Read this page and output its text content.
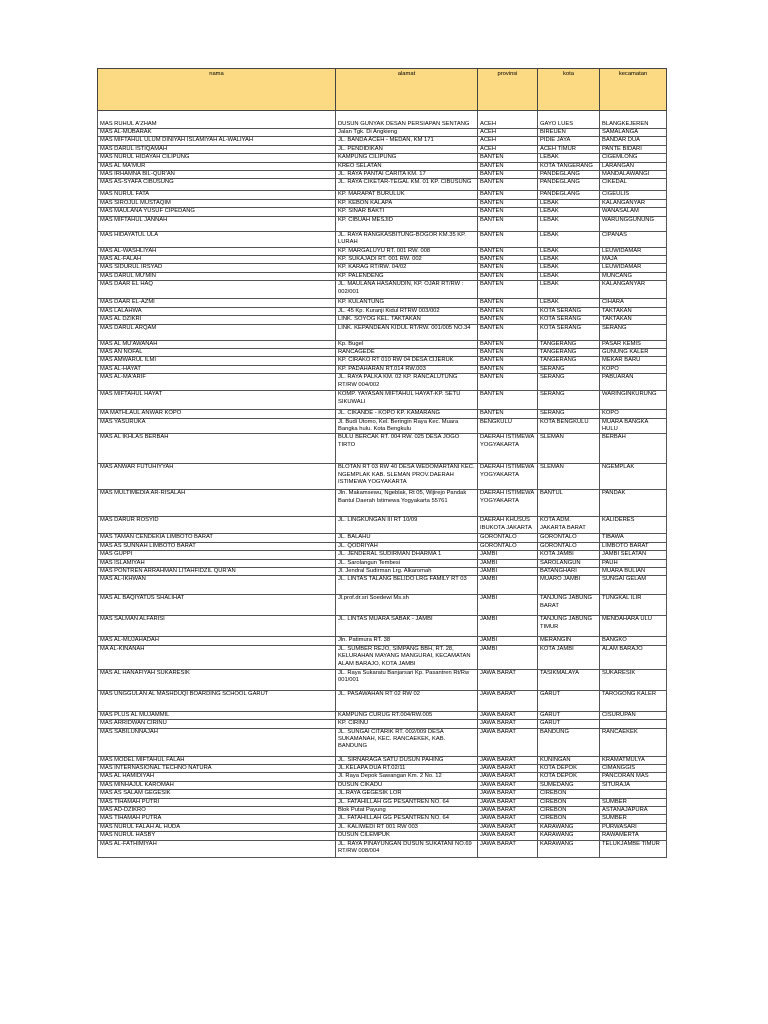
nama	alamat	provinsi	kota	kecamatan
MAS RUHUL A'ZHAM	DUSUN GUNYAK DESAN PERSIAPAN SENTANG	ACEH	GAYO LUES	BLANGKEJEREN
MAS AL-MUBARAK	Jalan Tgk. Di Angkieng	ACEH	BIREUEN	SAMALANGA
MAS MIFTAHUL ULUM DINIYAH ISLAMIYAH AL-WALIYAH	JL. BANDA ACEH - MEDAN, KM 171	ACEH	PIDIE JAYA	BANDAR DUA
MAS DARUL ISTIQAMAH	JL. PENDIDIKAN	ACEH	ACEH TIMUR	PANTE BIDARI
MAS NURUL HIDAYAH CILIPUNG	KAMPUNG CILIPUNG	BANTEN	LEBAK	CIGEMLONG
MAS AL MA'MUR	KREO SELATAN	BANTEN	KOTA TANGERANG	LARANGAN
MAS IRHAMNA BIL-QUR'AN	JL. RAYA PANTAI CARITA KM. 17	BANTEN	PANDEGLANG	MANDALAWANGI
MAS AS-SYAFA CIBUSUNG	JL. RAYA CIKETAR-TEGAL KM. 01 KP. CIBUSUNG	BANTEN	PANDEGLANG	CIKEDAL
MAS NURUL FATA	KP. MARAPAT BURULUK	BANTEN	PANDEGLANG	CIGEULIS
MAS SIROJUL MUSTAQIM	KP. KEBON KALAPA	BANTEN	LEBAK	KALANGANYAR
MAS MAULANA YUSUF CIPEDANG	KP. SINAR BAKTI	BANTEN	LEBAK	WANASALAM
MAS MIFTAHUL JANNAH	KP. CIBUAH MESJID	BANTEN	LEBAK	WARUNGGUNUNG
MAS HIDAYATUL ULA	JL. RAYA RANGKASBITUNG-BOGOR KM.35 KP. LURAH	BANTEN	LEBAK	CIPANAS
MAS AL-WASHLIYAH	KP. MARGALUYU RT. 001 RW. 008	BANTEN	LEBAK	LEUWIDAMAR
MAS AL-FALAH	KP. SUKAJADI RT. 001 RW. 002	BANTEN	LEBAK	MAJA
MAS SIDURUL IRSYAD	KP. KARAG RT/RW. 04/02	BANTEN	LEBAK	LEUWIDAMAR
MAS DARUL MU'MIN	KP. PALENDENG	BANTEN	LEBAK	MUNCANG
MAS DAAR EL HAQ	JL. MAULANA HASANUDIN, KP. OJAR RT/RW : 002/001	BANTEN	LEBAK	KALANGANYAR
MAS DAAR EL-AZMI	KP. KULANTUNG	BANTEN	LEBAK	CIHARA
MAS LALAHWA	JL. 45 Kp. Kuranji Kidul RTRW 003/002	BANTEN	KOTA SERANG	TAKTAKAN
MAS AL DZIKRI	LINK. SOYOG KEL. TAKTAKAN	BANTEN	KOTA SERANG	TAKTAKAN
MAS DARUL ARQAM	LINK. KEPANDEAN KIDUL RT/RW. 001/005 NO.34	BANTEN	KOTA SERANG	SERANG
MAS AL MU'AWANAH	Kp. Bugel	BANTEN	TANGERANG	PASAR KEMIS
MAS AN NOFAL	RANCAGEDE	BANTEN	TANGERANG	GUNUNG KALER
MAS AMWARUL ILMI	KP. CIRAKO RT 010 RW 04 DESA CIJERUK	BANTEN	TANGERANG	MEKAR BARU
MAS AL-HAYAT	KP. PADAHARAN RT.014 RW.003	BANTEN	SERANG	KOPO
MAS AL-MA'ARIF	JL. RAYA PALKA KM. 02 KP. RANCALUTUNG RT/RW 004/002	BANTEN	SERANG	PABUARAN
MAS MIFTAHUL HAYAT	KOMP. YAYASAN MIFTAHUL HAYAT-KP. SETU SIKUWALI	BANTEN	SERANG	WARINGINKURUNG
MA MATHLAUL ANWAR KOPO	JL. CIKANDE - KOPO KP. KAMARANG	BANTEN	SERANG	KOPO
MAS YASURUKA	Jl. Budi Utomo, Kel. Beringin Raya Kec. Muara Bangka hulu. Kota Bengkulu	BENGKULU	KOTA BENGKULU	MUARA BANGKA HULU
MAS AL IKHLAS BERBAH	BULU BERCAK RT. 004 RW. 025 DESA JOGO TIRTO	DAERAH ISTIMEWA YOGYAKARTA	SLEMAN	BERBAH
MAS ANWAR FUTUHIYYAH	BLOTAN RT 03 RW 40 DESA WEDOMARTANI KEC. NGEMPLAK KAB. SLEMAN PROV.DAERAH ISTIMEWA YOGYAKARTA	DAERAH ISTIMEWA YOGYAKARTA	SLEMAN	NGEMPLAK
MAS MULTIMEDIA AR-RISALAH	Jln. Makamsewu, Ngeblak, Rt 05, Wijirejo Pandak Bantul Daerah Istimewa Yogyakarta 55761	DAERAH ISTIMEWA YOGYAKARTA	BANTUL	PANDAK
MAS DARUR ROSYID	JL. LINGKUNGAN III RT 10/09	DAERAH KHUSUS IBUKOTA JAKARTA	KOTA ADM. JAKARTA BARAT	KALIDERES
MAS TAMAN CENDEKIA LIMBOTO BARAT	JL. BALAHU	GORONTALO	GORONTALO	TIBAWA
MAS AS SUNNAH LIMBOTO BARAT	JL. QODRIYAH	GORONTALO	GORONTALO	LIMBOTO BARAT
MAS GUPPI	JL. JENDERAL SUDIRMAN DHARMA 1	JAMBI	KOTA JAMBI	JAMBI SELATAN
MAS ISLAMIYAH	JL. Sarolangun Tembesi	JAMBI	SAROLANGUN	PAUH
MAS PONTREN ARRAHMAN LITAHFIDZIL QUR'AN	Jl. Jendral Sudirman Lrg. Alkaromah	JAMBI	BATANGHARI	MUARA BULIAN
MAS AL-IKHWAN	JL. LINTAS TALANG BELIDO LRG FAMILY RT 03	JAMBI	MUARO JAMBI	SUNGAI GELAM
MAS AL BAQIYATUS SHALIHAT	Jl.prof.dr.sri Soedewi Ms.sh	JAMBI	TANJUNG JABUNG BARAT	TUNGKAL ILIR
MAS SALMAN ALFARISI	JL. LINTAS MUARA SABAK - JAMBI	JAMBI	TANJUNG JABUNG TIMUR	MENDAHARA ULU
MAS AL-MUJAHADAH	Jln. Patimura RT. 38	JAMBI	MERANGIN	BANGKO
MA AL-KINANAH	JL. SUMBER REJO, SIMPANG BBH, RT. 28, KELURAHAN MAYANG MANGURAI, KECAMATAN ALAM BARAJO, KOTA JAMBI	JAMBI	KOTA JAMBI	ALAM BARAJO
MAS AL HANAFIYAH SUKARESIK	JL. Raya Sukaratu Banjarsari Kp. Pasantren Rt/Rw 001/001	JAWA BARAT	TASIKMALAYA	SUKARESIK
MAS UNGGULAN AL MASHDUQI BOARDING SCHOOL GARUT	JL. PASAWAHAN RT 02 RW 02	JAWA BARAT	GARUT	TAROGONG KALER
MAS PLUS AL MUJAMMIL	KAMPUNG CURUG RT.004/RW.005	JAWA BARAT	GARUT	CISURUPAN
MAS ARRIDWAN CIRINU	KP. CIRINU	JAWA BARAT	GARUT	
MAS SABILUNNAJAH	JL. SUNGAI CITARIK RT. 002/009 DESA SUKAMANAH, KEC. RANCAEKEK, KAB. BANDUNG	JAWA BARAT	BANDUNG	RANCAEKEK
MAS MODEL MIFTAHUL FALAH	JL. SIRNARAGA SATU DUSUN PAHING	JAWA BARAT	KUNINGAN	KRAMATMULYA
MAS INTERNASIONAL TECHNO NATURA	JL.KELAPA DUA RT.02/11	JAWA BARAT	KOTA DEPOK	CIMANGGIS
MAS AL HAMIDIYAH	Jl. Raya Depok Sawangan Km. 2 No. 12	JAWA BARAT	KOTA DEPOK	PANCORAN MAS
MAS MINHAJUL KAROMAH	DUSUN CIKADU	JAWA BARAT	SUMEDANG	SITURAJA
MAS AS SALAM GEGESIK	JL.RAYA GEGESIK LOR	JAWA BARAT	CIREBON	
MAS TIHAMAH PUTRI	JL. FATAHILLAH GG PESANTREN NO. 64	JAWA BARAT	CIREBON	SUMBER
MAS AD-DZIKRO	Blok Putat Payung	JAWA BARAT	CIREBON	ASTANAJAPURA
MAS TIHAMAH PUTRA	JL. FATAHILLAH GG PESANTREN NO. 64	JAWA BARAT	CIREBON	SUMBER
MAS NURUL FALAH AL HUDA	JL. KALIWEDI RT 001 RW 003	JAWA BARAT	KARAWANG	PURWASARI
MAS NURUL HASBY	DUSUN CILEMPUK	JAWA BARAT	KARAWANG	RAWAMERTA
MAS AL-FATHIMIYAH	JL. RAYA PINAYUNGAN DUSUN SUKATANI NO.69 RT/RW 008/004	JAWA BARAT	KARAWANG	TELUKJAMBE TIMUR
